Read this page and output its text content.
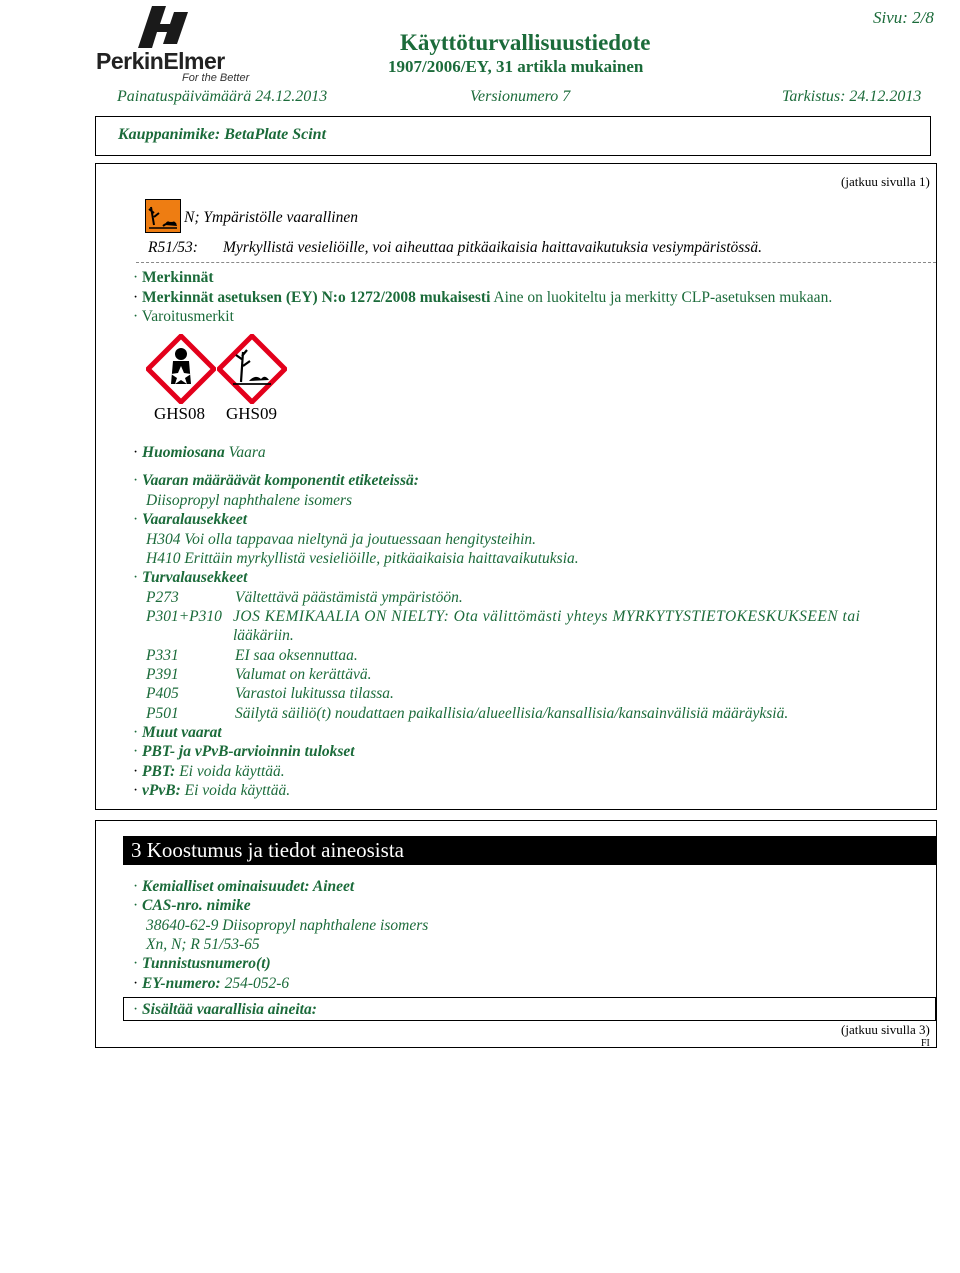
PerkinElmer
For the Better
Käyttöturvallisuustiedote
1907/2006/EY, 31 artikla mukainen
Sivu: 2/8
Painatuspäivämäärä 24.12.2013	Versionumero 7	Tarkistus: 24.12.2013
Kauppanimike: BetaPlate Scint
(jatkuu sivulla 1)
N; Ympäristölle vaarallinen
R51/53: Myrkyllistä vesieliöille, voi aiheuttaa pitkäaikaisia haittavaikutuksia vesiympäristössä.
· Merkinnät
· Merkinnät asetuksen (EY) N:o 1272/2008 mukaisesti Aine on luokiteltu ja merkitty CLP-asetuksen mukaan.
· Varoitusmerkit
GHS08 GHS09
· Huomiosana Vaara
· Vaaran määräävät komponentit etiketeissä:
Diisopropyl naphthalene isomers
· Vaaralausekkeet
H304 Voi olla tappavaa nieltynä ja joutuessaan hengitysteihin.
H410 Erittäin myrkyllistä vesieliöille, pitkäaikaisia haittavaikutuksia.
· Turvalausekkeet
P273	Vältettävä päästämistä ympäristöön.
P301+P310 JOS KEMIKAALIA ON NIELTY: Ota välittömästi yhteys MYRKYTYSTIETOKESKUKSEEN tai
lääkäriin.
P331	EI saa oksennuttaa.
P391	Valumat on kerättävä.
P405	Varastoi lukitussa tilassa.
P501	Säilytä säiliö(t) noudattaen paikallisia/alueellisia/kansallisia/kansainvälisiä määräyksiä.
· Muut vaarat
· PBT- ja vPvB-arvioinnin tulokset
· PBT: Ei voida käyttää.
· vPvB: Ei voida käyttää.
3 Koostumus ja tiedot aineosista
· Kemialliset ominaisuudet: Aineet
· CAS-nro. nimike
38640-62-9 Diisopropyl naphthalene isomers
Xn, N; R 51/53-65
· Tunnistusnumero(t)
· EY-numero: 254-052-6
· Sisältää vaarallisia aineita:
(jatkuu sivulla 3)
FI
